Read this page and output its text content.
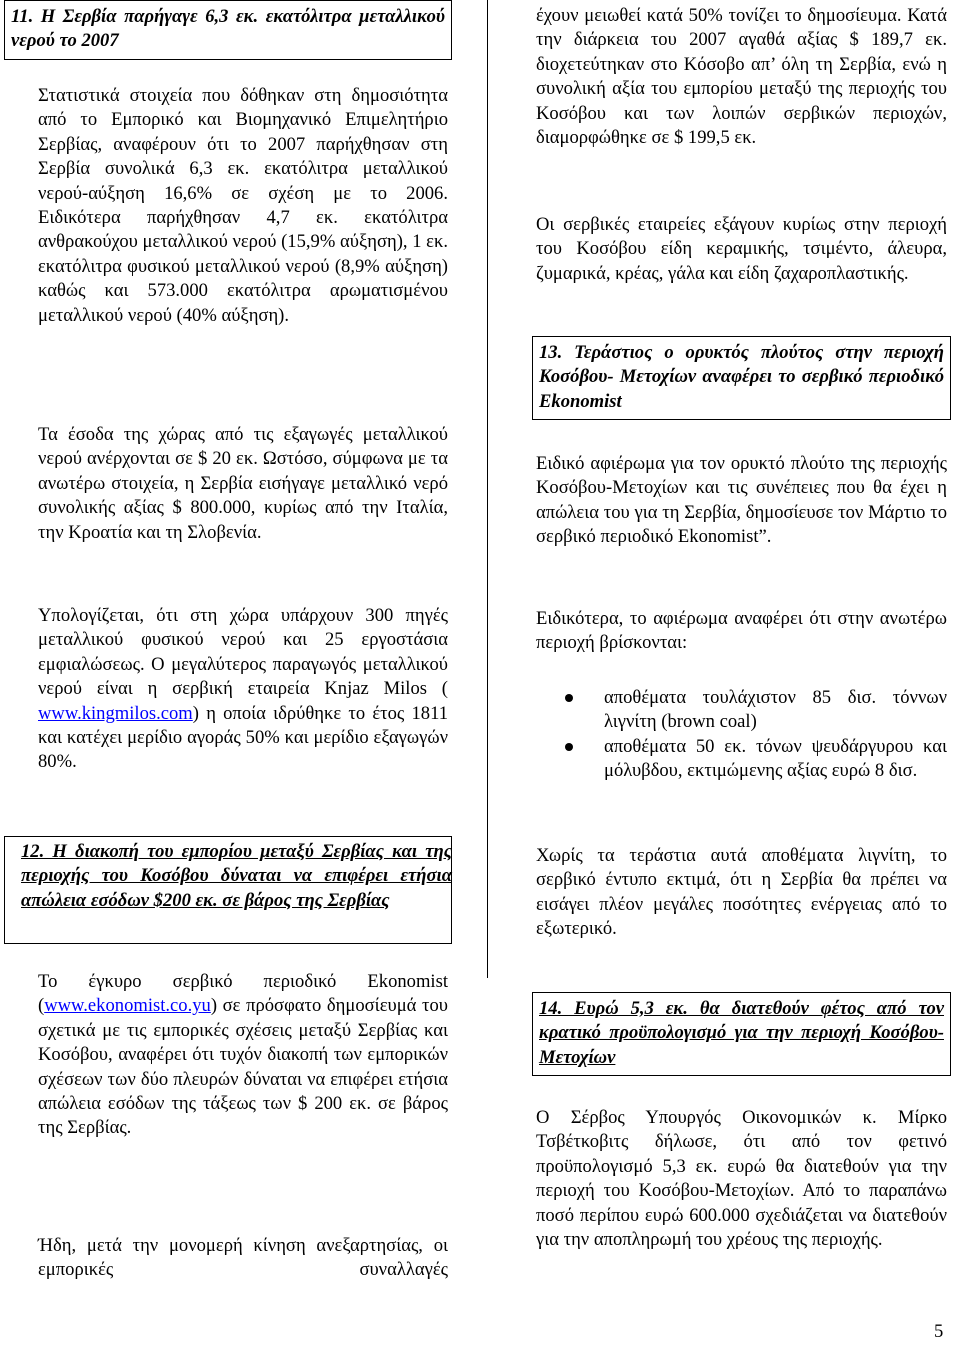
11. Η Σερβία παρήγαγε 6,3 εκ. εκατόλιτρα μεταλλικού νερού το 2007

Στατιστικά στοιχεία που δόθηκαν στη δημοσιότητα από το Εμπορικό και Βιομηχανικό Επιμελητήριο Σερβίας, αναφέρουν ότι το 2007 παρήχθησαν στη Σερβία συνολικά 6,3 εκ. εκατόλιτρα μεταλλικού νερού-αύξηση 16,6% σε σχέση με το 2006. Ειδικότερα παρήχθησαν 4,7 εκ. εκατόλιτρα ανθρακούχου μεταλλικού νερού (15,9% αύξηση), 1 εκ. εκατόλιτρα φυσικού μεταλλικού νερού (8,9% αύξηση) καθώς και 573.000 εκατόλιτρα αρωματισμένου μεταλλικού νερού (40% αύξηση).

Τα έσοδα της χώρας από τις εξαγωγές μεταλλικού νερού ανέρχονται σε $ 20 εκ. Ωστόσο, σύμφωνα με τα ανωτέρω στοιχεία, η Σερβία εισήγαγε μεταλλικό νερό συνολικής αξίας $ 800.000, κυρίως από την Ιταλία, την Κροατία και τη Σλοβενία.

Υπολογίζεται, ότι στη χώρα υπάρχουν 300 πηγές μεταλλικού φυσικού νερού και 25 εργοστάσια εμφιαλώσεως. Ο μεγαλύτερος παραγωγός μεταλλικού νερού είναι η σερβική εταιρεία Knjaz Milos ( www.kingmilos.com) η οποία ιδρύθηκε το έτος 1811 και κατέχει μερίδιο αγοράς 50% και μερίδιο εξαγωγών 80%.

12. Η διακοπή του εμπορίου μεταξύ Σερβίας και της περιοχής του Κοσόβου δύναται να επιφέρει ετήσια απώλεια εσόδων $200 εκ. σε βάρος της Σερβίας

Το έγκυρο σερβικό περιοδικό Ekonomist (www.ekonomist.co.yu) σε πρόσφατο δημοσίευμά του σχετικά με τις εμπορικές σχέσεις μεταξύ Σερβίας και Κοσόβου, αναφέρει ότι τυχόν διακοπή των εμπορικών σχέσεων των δύο πλευρών δύναται να επιφέρει ετήσια απώλεια εσόδων της τάξεως των $ 200 εκ. σε βάρος της Σερβίας.

Ήδη, μετά την μονομερή κίνηση ανεξαρτησίας, οι εμπορικές συναλλαγές

έχουν μειωθεί κατά 50% τονίζει το δημοσίευμα. Κατά την διάρκεια του 2007 αγαθά αξίας $ 189,7 εκ. διοχετεύτηκαν στο Κόσοβο απ’ όλη τη Σερβία, ενώ η συνολική αξία του εμπορίου μεταξύ της περιοχής του Κοσόβου και των λοιπών σερβικών περιοχών, διαμορφώθηκε σε $ 199,5 εκ.

Οι σερβικές εταιρείες εξάγουν κυρίως στην περιοχή του Κοσόβου είδη κεραμικής, τσιμέντο, άλευρα, ζυμαρικά, κρέας, γάλα και είδη ζαχαροπλαστικής.

13. Τεράστιος ο ορυκτός πλούτος στην περιοχή Κοσόβου- Μετοχίων αναφέρει το σερβικό περιοδικό Ekonomist

Ειδικό αφιέρωμα για τον ορυκτό πλούτο της περιοχής Κοσόβου-Μετοχίων και τις συνέπειες που θα έχει η απώλεια του για τη Σερβία, δημοσίευσε τον Μάρτιο το σερβικό περιοδικό Ekonomist”.

Ειδικότερα, το αφιέρωμα αναφέρει ότι στην ανωτέρω περιοχή βρίσκονται:

αποθέματα τουλάχιστον 85 δισ. τόννων λιγνίτη (brown coal)
αποθέματα 50 εκ. τόνων ψευδάργυρου και μόλυβδου, εκτιμώμενης αξίας ευρώ 8 δισ.

Χωρίς τα τεράστια αυτά αποθέματα λιγνίτη, το σερβικό έντυπο εκτιμά, ότι η Σερβία θα πρέπει να εισάγει πλέον μεγάλες ποσότητες ενέργειας από το εξωτερικό.

14. Ευρώ 5,3 εκ. θα διατεθούν φέτος από τον κρατικό προϋπολογισμό για την περιοχή Κοσόβου-Μετοχίων

Ο Σέρβος Υπουργός Οικονομικών κ. Μίρκο Τσβέτκοβιτς δήλωσε, ότι από τον φετινό προϋπολογισμό 5,3 εκ. ευρώ θα διατεθούν για την περιοχή του Κοσόβου-Μετοχίων. Από το παραπάνω ποσό περίπου ευρώ 600.000 σχεδιάζεται να διατεθούν για την αποπληρωμή του χρέους της περιοχής.

5
